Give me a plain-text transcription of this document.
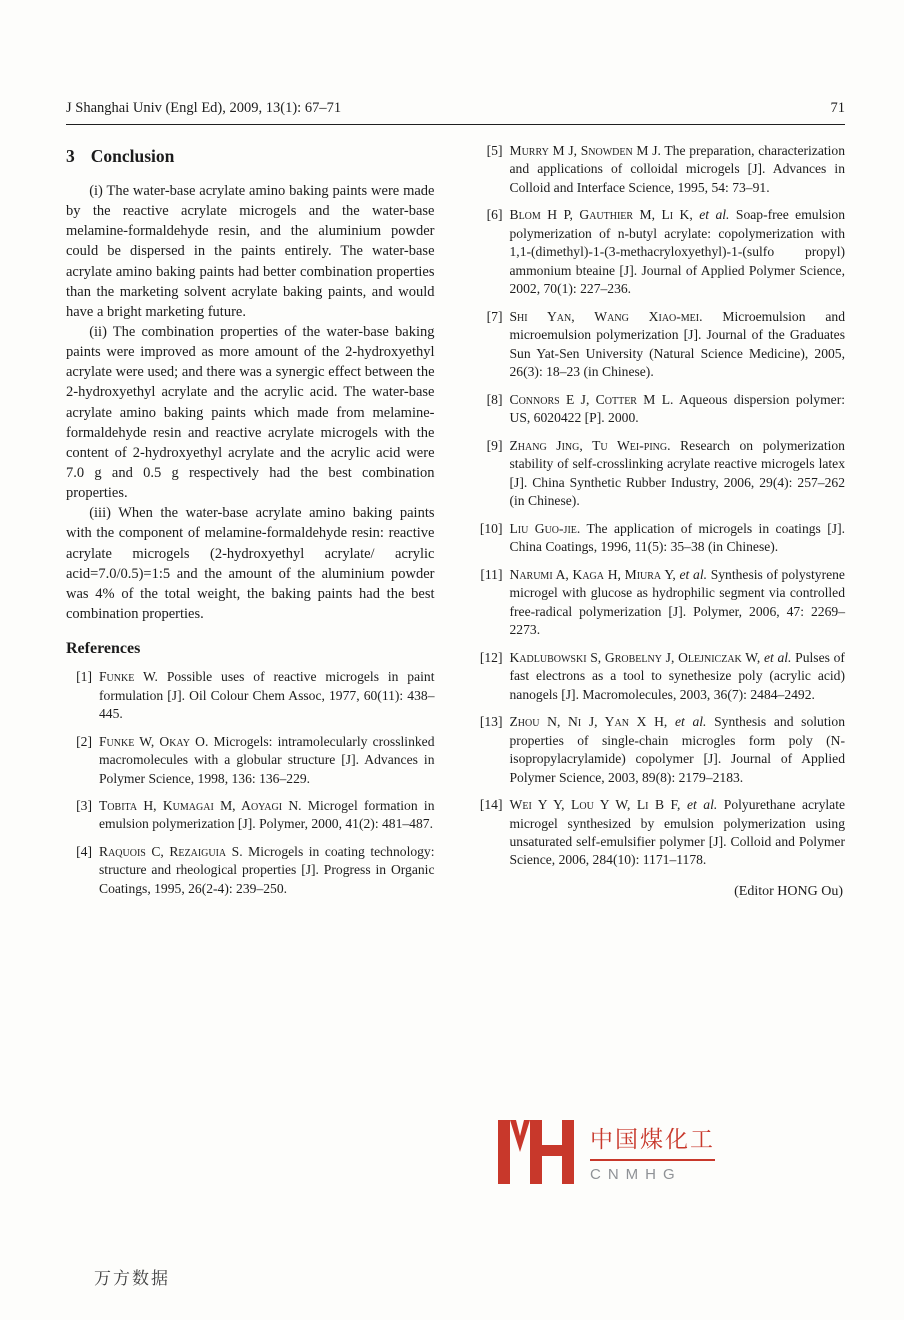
J Shanghai Univ (Engl Ed), 2009, 13(1): 67–71	71
3 Conclusion

(i) The water-base acrylate amino baking paints were made by the reactive acrylate microgels and the water-base melamine-formaldehyde resin, and the aluminium powder could be dispersed in the paints entirely. The water-base acrylate amino baking paints had better combination properties than the marketing solvent acrylate baking paints, and would have a bright marketing future.

(ii) The combination properties of the water-base baking paints were improved as more amount of the 2-hydroxyethyl acrylate were used; and there was a synergic effect between the 2-hydroxyethyl acrylate and the acrylic acid. The water-base acrylate amino baking paints which made from melamine-formaldehyde resin and reactive acrylate microgels with the content of 2-hydroxyethyl acrylate and the acrylic acid were 7.0 g and 0.5 g respectively had the best combination properties.

(iii) When the water-base acrylate amino baking paints with the component of melamine-formaldehyde resin: reactive acrylate microgels (2-hydroxyethyl acrylate/ acrylic acid=7.0/0.5)=1:5 and the amount of the aluminium powder was 4% of the total weight, the baking paints had the best combination properties.

References
[1] Funke W. Possible uses of reactive microgels in paint formulation [J]. Oil Colour Chem Assoc, 1977, 60(11): 438–445.
[2] Funke W, Okay O. Microgels: intramolecularly crosslinked macromolecules with a globular structure [J]. Advances in Polymer Science, 1998, 136: 136–229.
[3] Tobita H, Kumagai M, Aoyagi N. Microgel formation in emulsion polymerization [J]. Polymer, 2000, 41(2): 481–487.
[4] Raquois C, Rezaiguia S. Microgels in coating technology: structure and rheological properties [J]. Progress in Organic Coatings, 1995, 26(2-4): 239–250.
[5] Murry M J, Snowden M J. The preparation, characterization and applications of colloidal microgels [J]. Advances in Colloid and Interface Science, 1995, 54: 73–91.
[6] Blom H P, Gauthier M, Li K, et al. Soap-free emulsion polymerization of n-butyl acrylate: copolymerization with 1,1-(dimethyl)-1-(3-methacryloxyethyl)-1-(sulfo propyl) ammonium bteaine [J]. Journal of Applied Polymer Science, 2002, 70(1): 227–236.
[7] Shi Yan, Wang Xiao-mei. Microemulsion and microemulsion polymerization [J]. Journal of the Graduates Sun Yat-Sen University (Natural Science Medicine), 2005, 26(3): 18–23 (in Chinese).
[8] Connors E J, Cotter M L. Aqueous dispersion polymer: US, 6020422 [P]. 2000.
[9] Zhang Jing, Tu Wei-ping. Research on polymerization stability of self-crosslinking acrylate reactive microgels latex [J]. China Synthetic Rubber Industry, 2006, 29(4): 257–262 (in Chinese).
[10] Liu Guo-jie. The application of microgels in coatings [J]. China Coatings, 1996, 11(5): 35–38 (in Chinese).
[11] Narumi A, Kaga H, Miura Y, et al. Synthesis of polystyrene microgel with glucose as hydrophilic segment via controlled free-radical polymerization [J]. Polymer, 2006, 47: 2269–2273.
[12] Kadlubowski S, Grobelny J, Olejniczak W, et al. Pulses of fast electrons as a tool to synethesize poly (acrylic acid) nanogels [J]. Macromolecules, 2003, 36(7): 2484–2492.
[13] Zhou N, Ni J, Yan X H, et al. Synthesis and solution properties of single-chain microgles form poly (N-isopropylacrylamide) copolymer [J]. Journal of Applied Polymer Science, 2003, 89(8): 2179–2183.
[14] Wei Y Y, Lou Y W, Li B F, et al. Polyurethane acrylate microgel synthesized by emulsion polymerization using unsaturated self-emulsifier polymer [J]. Colloid and Polymer Science, 2006, 284(10): 1171–1178.
(Editor HONG Ou)
中国煤化工
CNMHG
万方数据
